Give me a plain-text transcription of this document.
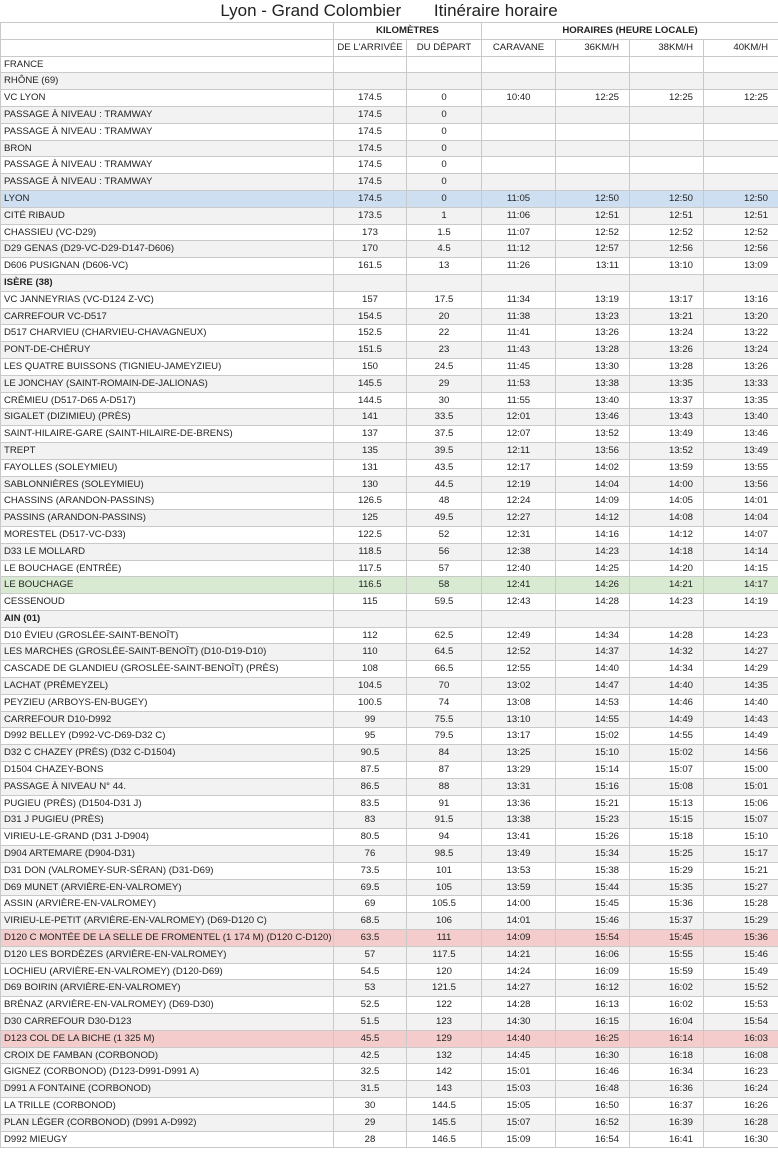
Lyon - Grand Colombier Itinéraire horaire
	KILOMÈTRES		HORAIRES (HEURE LOCALE)			
	DE L'ARRIVÉE	DU DÉPART	CARAVANE	36KM/H	38KM/H	40KM/H
FRANCE						
RHÔNE (69)						
VC LYON	174.5	0	10:40	12:25	12:25	12:25
PASSAGE À NIVEAU : TRAMWAY	174.5	0				
PASSAGE À NIVEAU : TRAMWAY	174.5	0				
BRON	174.5	0				
PASSAGE À NIVEAU : TRAMWAY	174.5	0				
PASSAGE À NIVEAU : TRAMWAY	174.5	0				
LYON	174.5	0	11:05	12:50	12:50	12:50
CITÉ RIBAUD	173.5	1	11:06	12:51	12:51	12:51
CHASSIEU (VC-D29)	173	1.5	11:07	12:52	12:52	12:52
D29 GENAS (D29-VC-D29-D147-D606)	170	4.5	11:12	12:57	12:56	12:56
D606 PUSIGNAN (D606-VC)	161.5	13	11:26	13:11	13:10	13:09
ISÈRE (38)						
VC JANNEYRIAS (VC-D124 Z-VC)	157	17.5	11:34	13:19	13:17	13:16
CARREFOUR VC-D517	154.5	20	11:38	13:23	13:21	13:20
D517 CHARVIEU (CHARVIEU-CHAVAGNEUX)	152.5	22	11:41	13:26	13:24	13:22
PONT-DE-CHÉRUY	151.5	23	11:43	13:28	13:26	13:24
LES QUATRE BUISSONS (TIGNIEU-JAMEYZIEU)	150	24.5	11:45	13:30	13:28	13:26
LE JONCHAY (SAINT-ROMAIN-DE-JALIONAS)	145.5	29	11:53	13:38	13:35	13:33
CRÉMIEU (D517-D65 A-D517)	144.5	30	11:55	13:40	13:37	13:35
SIGALET (DIZIMIEU) (PRÈS)	141	33.5	12:01	13:46	13:43	13:40
SAINT-HILAIRE-GARE (SAINT-HILAIRE-DE-BRENS)	137	37.5	12:07	13:52	13:49	13:46
TREPT	135	39.5	12:11	13:56	13:52	13:49
FAYOLLES (SOLEYMIEU)	131	43.5	12:17	14:02	13:59	13:55
SABLONNIÈRES (SOLEYMIEU)	130	44.5	12:19	14:04	14:00	13:56
CHASSINS (ARANDON-PASSINS)	126.5	48	12:24	14:09	14:05	14:01
PASSINS (ARANDON-PASSINS)	125	49.5	12:27	14:12	14:08	14:04
MORESTEL (D517-VC-D33)	122.5	52	12:31	14:16	14:12	14:07
D33 LE MOLLARD	118.5	56	12:38	14:23	14:18	14:14
LE BOUCHAGE (ENTRÉE)	117.5	57	12:40	14:25	14:20	14:15
LE BOUCHAGE	116.5	58	12:41	14:26	14:21	14:17
CESSENOUD	115	59.5	12:43	14:28	14:23	14:19
AIN (01)						
D10 ÉVIEU (GROSLÉE-SAINT-BENOÎT)	112	62.5	12:49	14:34	14:28	14:23
LES MARCHES (GROSLÉE-SAINT-BENOÎT) (D10-D19-D10)	110	64.5	12:52	14:37	14:32	14:27
CASCADE DE GLANDIEU (GROSLÉE-SAINT-BENOÎT) (PRÈS)	108	66.5	12:55	14:40	14:34	14:29
LACHAT (PRÉMEYZEL)	104.5	70	13:02	14:47	14:40	14:35
PEYZIEU (ARBOYS-EN-BUGEY)	100.5	74	13:08	14:53	14:46	14:40
CARREFOUR D10-D992	99	75.5	13:10	14:55	14:49	14:43
D992 BELLEY (D992-VC-D69-D32 C)	95	79.5	13:17	15:02	14:55	14:49
D32 C CHAZEY (PRÈS) (D32 C-D1504)	90.5	84	13:25	15:10	15:02	14:56
D1504 CHAZEY-BONS	87.5	87	13:29	15:14	15:07	15:00
PASSAGE À NIVEAU N° 44.	86.5	88	13:31	15:16	15:08	15:01
PUGIEU (PRÈS) (D1504-D31 J)	83.5	91	13:36	15:21	15:13	15:06
D31 J PUGIEU (PRÈS)	83	91.5	13:38	15:23	15:15	15:07
VIRIEU-LE-GRAND (D31 J-D904)	80.5	94	13:41	15:26	15:18	15:10
D904 ARTEMARE (D904-D31)	76	98.5	13:49	15:34	15:25	15:17
D31 DON (VALROMEY-SUR-SÉRAN) (D31-D69)	73.5	101	13:53	15:38	15:29	15:21
D69 MUNET (ARVIÈRE-EN-VALROMEY)	69.5	105	13:59	15:44	15:35	15:27
ASSIN (ARVIÈRE-EN-VALROMEY)	69	105.5	14:00	15:45	15:36	15:28
VIRIEU-LE-PETIT (ARVIÈRE-EN-VALROMEY) (D69-D120 C)	68.5	106	14:01	15:46	15:37	15:29
D120 C MONTÉE DE LA SELLE DE FROMENTEL (1 174 M) (D120 C-D120)	63.5	111	14:09	15:54	15:45	15:36
D120 LES BORDÈZES (ARVIÈRE-EN-VALROMEY)	57	117.5	14:21	16:06	15:55	15:46
LOCHIEU (ARVIÈRE-EN-VALROMEY) (D120-D69)	54.5	120	14:24	16:09	15:59	15:49
D69 BOIRIN (ARVIÈRE-EN-VALROMEY)	53	121.5	14:27	16:12	16:02	15:52
BRÉNAZ (ARVIÈRE-EN-VALROMEY) (D69-D30)	52.5	122	14:28	16:13	16:02	15:53
D30 CARREFOUR D30-D123	51.5	123	14:30	16:15	16:04	15:54
D123 COL DE LA BICHE (1 325 M)	45.5	129	14:40	16:25	16:14	16:03
CROIX DE FAMBAN (CORBONOD)	42.5	132	14:45	16:30	16:18	16:08
GIGNEZ (CORBONOD) (D123-D991-D991 A)	32.5	142	15:01	16:46	16:34	16:23
D991 A FONTAINE (CORBONOD)	31.5	143	15:03	16:48	16:36	16:24
LA TRILLE (CORBONOD)	30	144.5	15:05	16:50	16:37	16:26
PLAN LÉGER (CORBONOD) (D991 A-D992)	29	145.5	15:07	16:52	16:39	16:28
D992 MIEUGY	28	146.5	15:09	16:54	16:41	16:30
